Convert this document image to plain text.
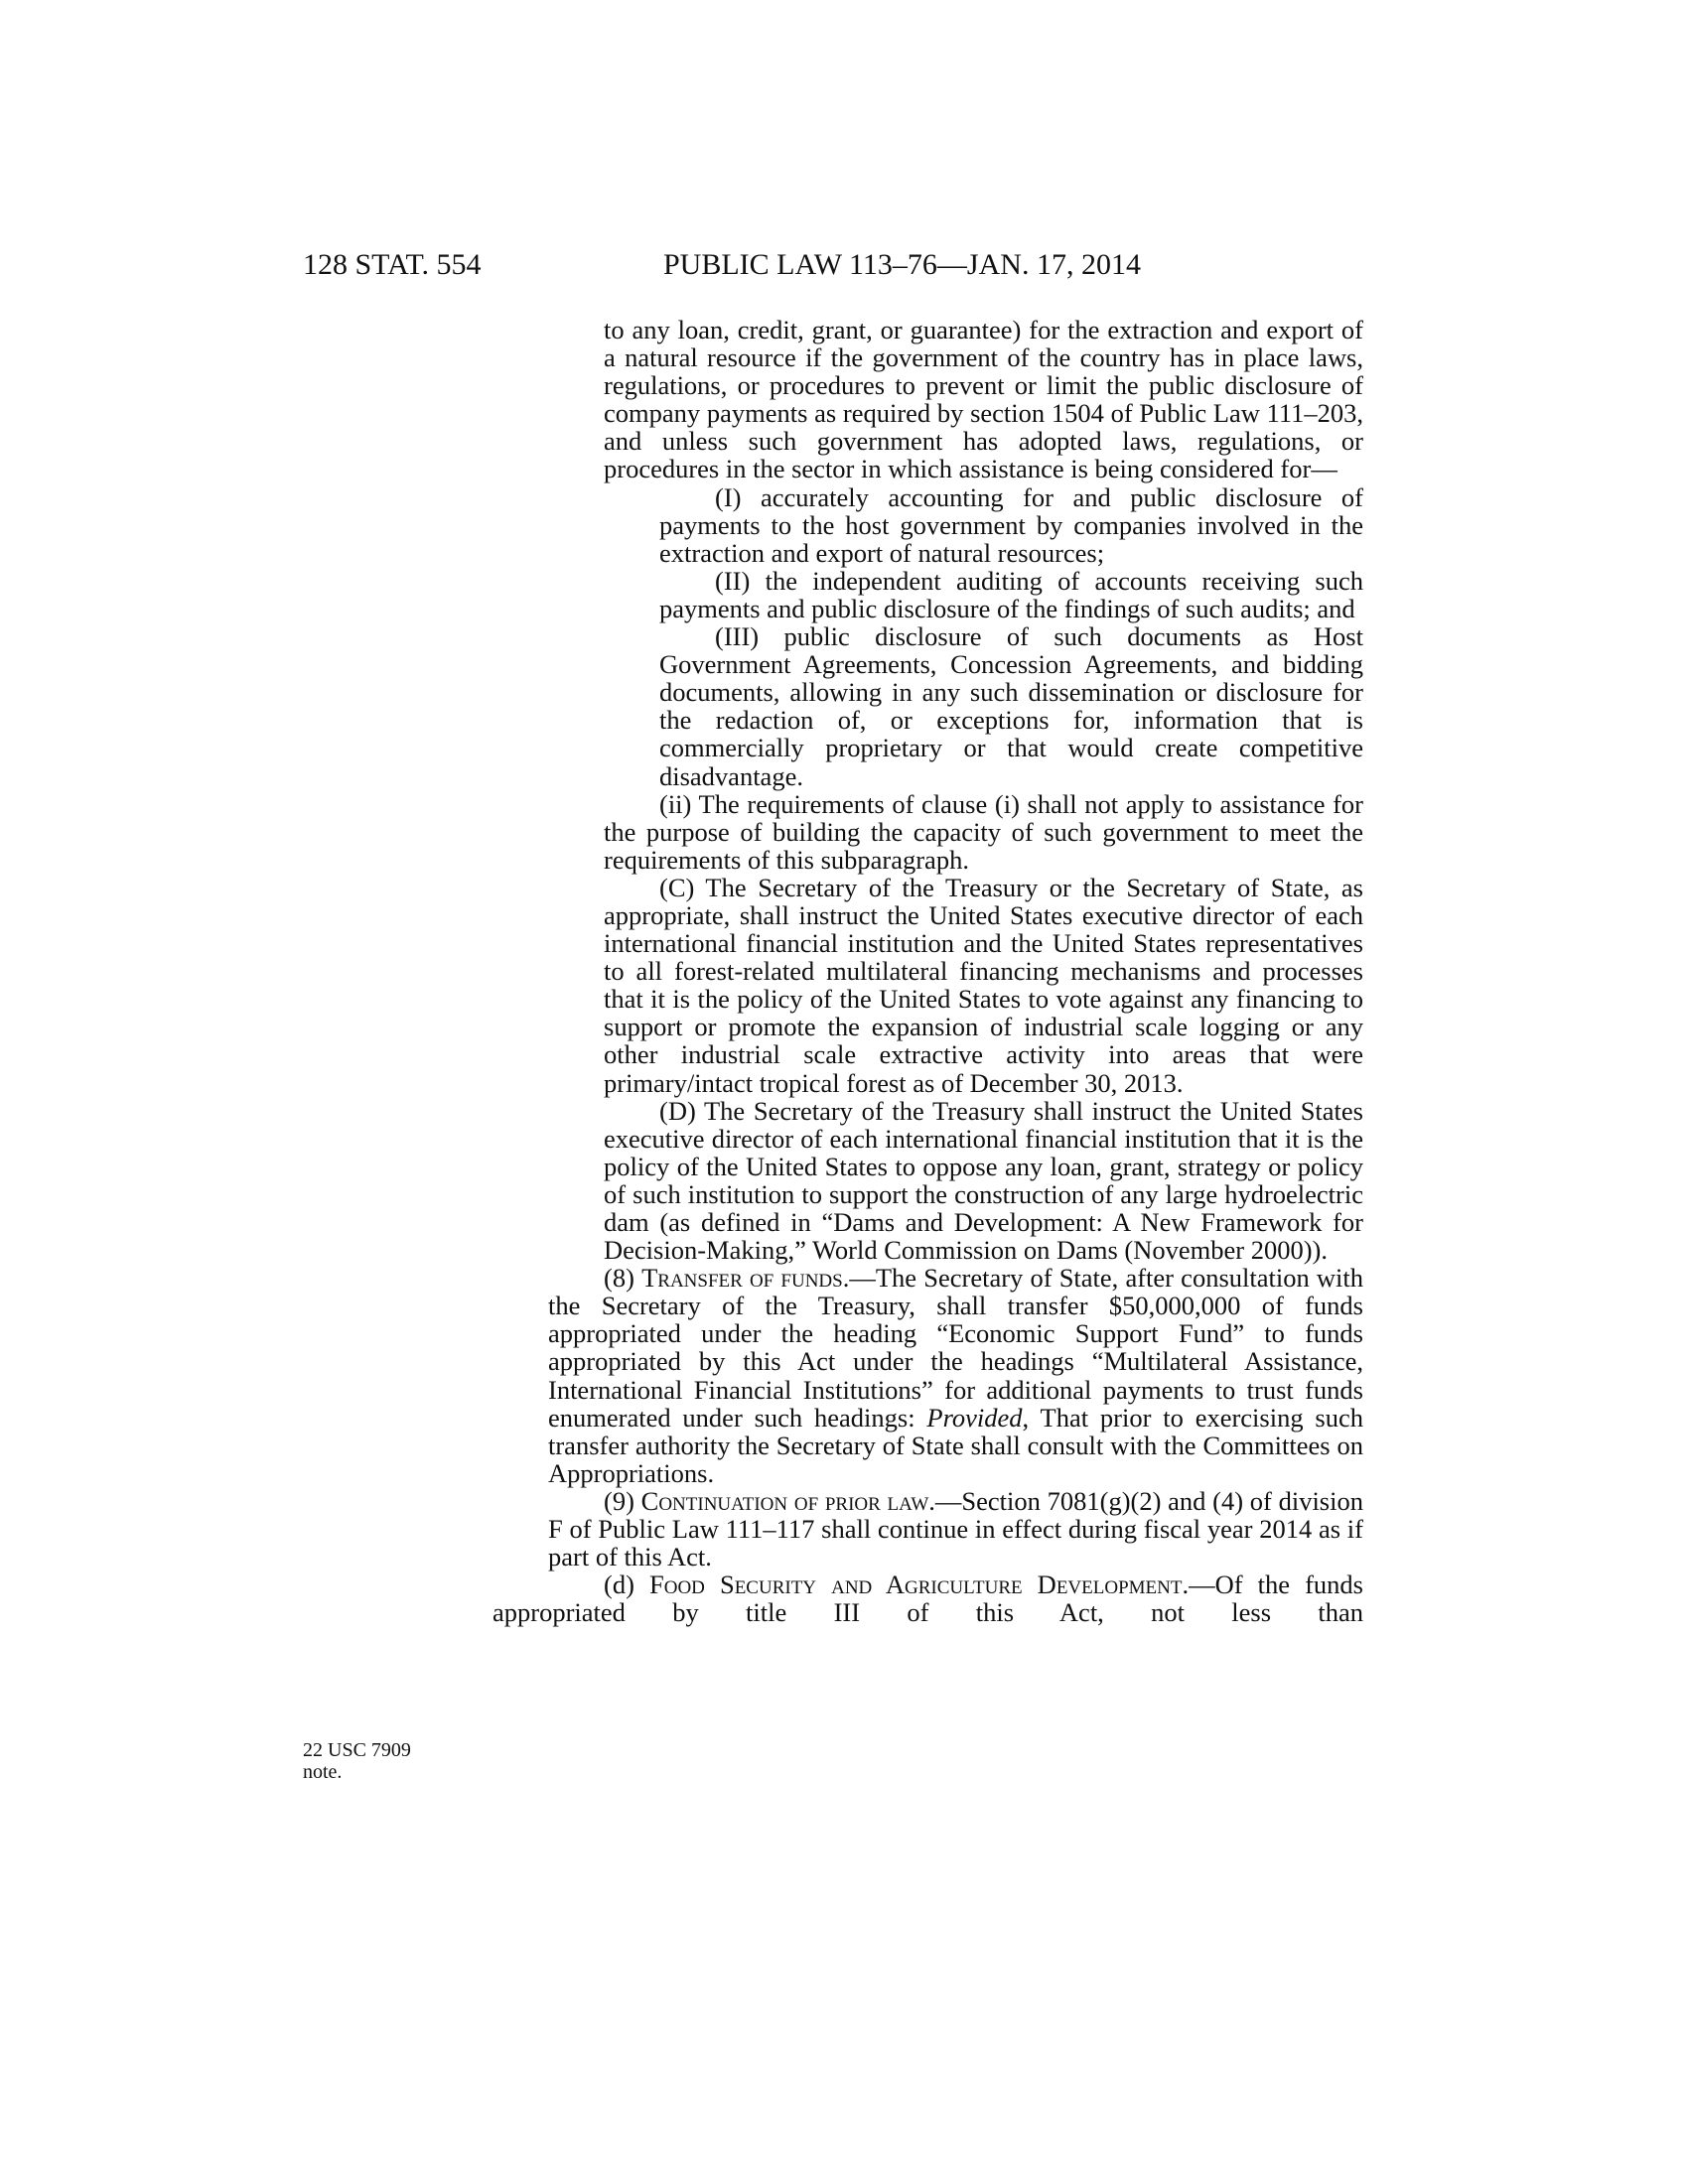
128 STAT. 554	PUBLIC LAW 113–76—JAN. 17, 2014
22 USC 7909
note.

to any loan, credit, grant, or guarantee) for the extraction and export of a natural resource if the government of the country has in place laws, regulations, or procedures to prevent or limit the public disclosure of company payments as required by section 1504 of Public Law 111–203, and unless such government has adopted laws, regulations, or procedures in the sector in which assistance is being considered for—

(I) accurately accounting for and public disclosure of payments to the host government by companies involved in the extraction and export of natural resources;

(II) the independent auditing of accounts receiving such payments and public disclosure of the findings of such audits; and

(III) public disclosure of such documents as Host Government Agreements, Concession Agreements, and bidding documents, allowing in any such dissemination or disclosure for the redaction of, or exceptions for, information that is commercially proprietary or that would create competitive disadvantage.

(ii) The requirements of clause (i) shall not apply to assistance for the purpose of building the capacity of such government to meet the requirements of this subparagraph.

(C) The Secretary of the Treasury or the Secretary of State, as appropriate, shall instruct the United States executive director of each international financial institution and the United States representatives to all forest-related multilateral financing mechanisms and processes that it is the policy of the United States to vote against any financing to support or promote the expansion of industrial scale logging or any other industrial scale extractive activity into areas that were primary/intact tropical forest as of December 30, 2013.

(D) The Secretary of the Treasury shall instruct the United States executive director of each international financial institution that it is the policy of the United States to oppose any loan, grant, strategy or policy of such institution to support the construction of any large hydroelectric dam (as defined in “Dams and Development: A New Framework for Decision-Making,” World Commission on Dams (November 2000)).

(8) Transfer of funds.—The Secretary of State, after consultation with the Secretary of the Treasury, shall transfer $50,000,000 of funds appropriated under the heading “Economic Support Fund” to funds appropriated by this Act under the headings “Multilateral Assistance, International Financial Institutions” for additional payments to trust funds enumerated under such headings: Provided, That prior to exercising such transfer authority the Secretary of State shall consult with the Committees on Appropriations.

(9) Continuation of prior law.—Section 7081(g)(2) and (4) of division F of Public Law 111–117 shall continue in effect during fiscal year 2014 as if part of this Act.

(d) Food Security and Agriculture Development.—Of the funds appropriated by title III of this Act, not less than
